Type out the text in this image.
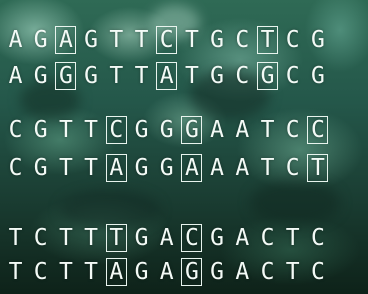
A G A G T T C T G C T C G
A G G G T T A T G C G C G
C G T T C G G G A A T C C
C G T T A G G A A A T C T
T C T T T G A C G A C T C
T C T T A G A G G A C T C
